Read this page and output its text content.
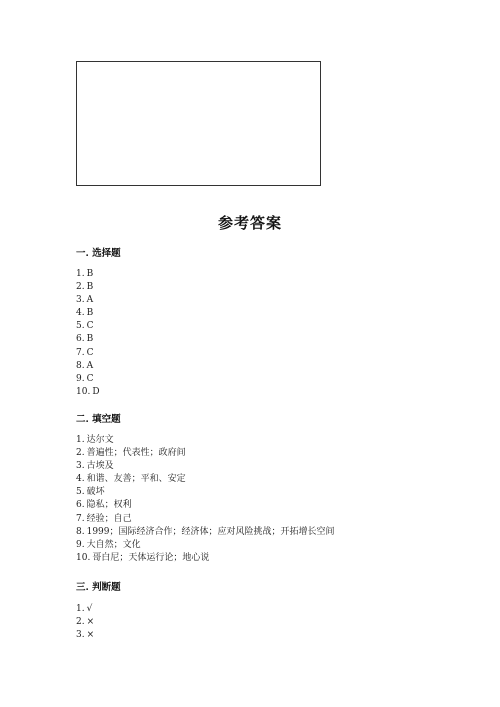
参考答案
一. 选择题
1. B
2. B
3. A
4. B
5. C
6. B
7. C
8. A
9. C
10. D
二. 填空题
1. 达尔文
2. 普遍性；代表性；政府间
3. 古埃及
4. 和谐、友善；平和、安定
5. 破坏
6. 隐私；权利
7. 经验；自己
8. 1999；国际经济合作；经济体；应对风险挑战；开拓增长空间
9. 大自然；文化
10. 哥白尼；天体运行论；地心说
三. 判断题
1. √
2. ×
3. ×
